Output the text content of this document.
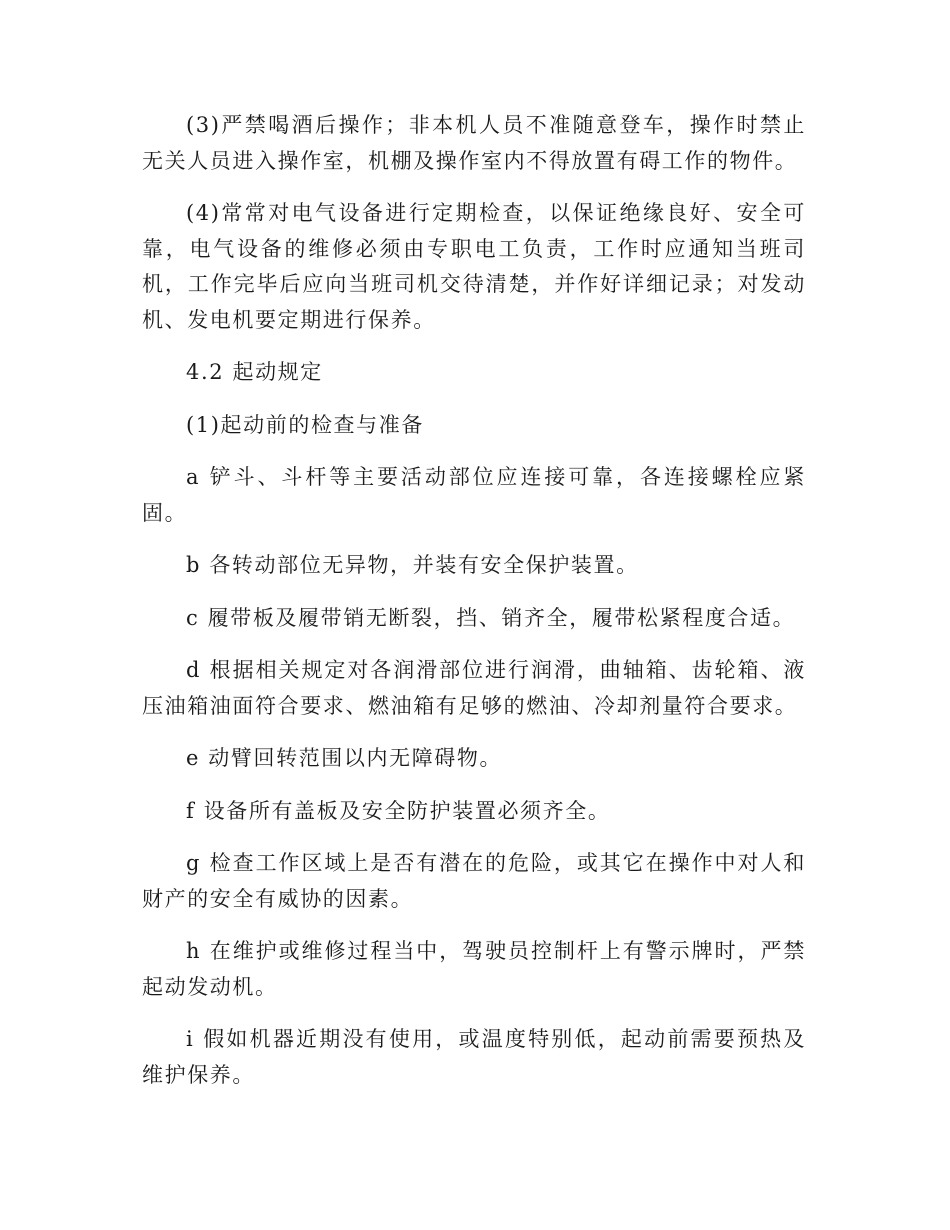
(3)严禁喝酒后操作；非本机人员不准随意登车，操作时禁止无关人员进入操作室，机棚及操作室内不得放置有碍工作的物件。

(4)常常对电气设备进行定期检查，以保证绝缘良好、安全可靠，电气设备的维修必须由专职电工负责，工作时应通知当班司机，工作完毕后应向当班司机交待清楚，并作好详细记录；对发动机、发电机要定期进行保养。

4.2 起动规定

(1)起动前的检查与准备

a 铲斗、斗杆等主要活动部位应连接可靠，各连接螺栓应紧固。

b 各转动部位无异物，并装有安全保护装置。

c 履带板及履带销无断裂，挡、销齐全，履带松紧程度合适。

d 根据相关规定对各润滑部位进行润滑，曲轴箱、齿轮箱、液压油箱油面符合要求、燃油箱有足够的燃油、冷却剂量符合要求。

e 动臂回转范围以内无障碍物。

f 设备所有盖板及安全防护装置必须齐全。

g 检查工作区域上是否有潜在的危险，或其它在操作中对人和财产的安全有威协的因素。

h 在维护或维修过程当中，驾驶员控制杆上有警示牌时，严禁起动发动机。

i 假如机器近期没有使用，或温度特别低，起动前需要预热及维护保养。
